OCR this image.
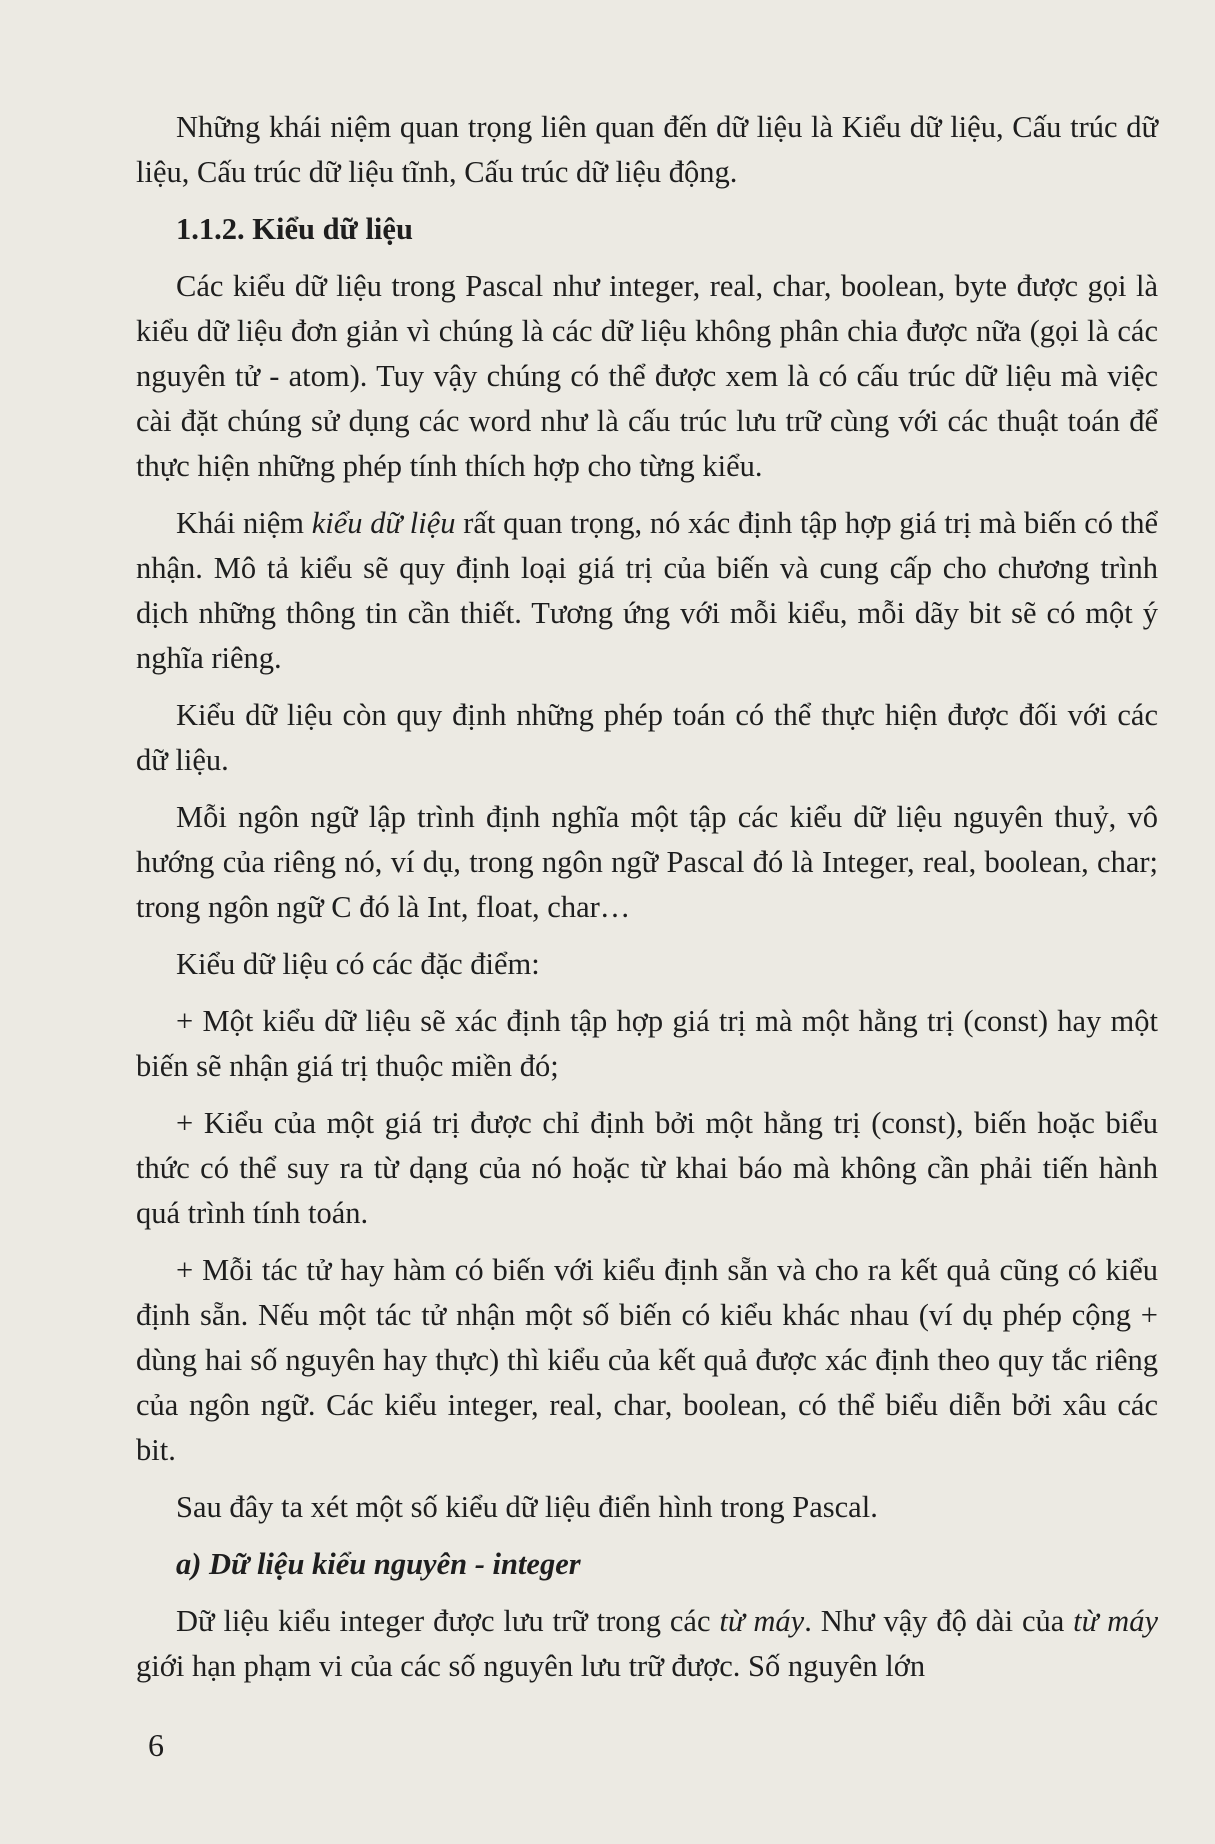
Những khái niệm quan trọng liên quan đến dữ liệu là Kiểu dữ liệu, Cấu trúc dữ liệu, Cấu trúc dữ liệu tĩnh, Cấu trúc dữ liệu động.

1.1.2. Kiểu dữ liệu

Các kiểu dữ liệu trong Pascal như integer, real, char, boolean, byte được gọi là kiểu dữ liệu đơn giản vì chúng là các dữ liệu không phân chia được nữa (gọi là các nguyên tử - atom). Tuy vậy chúng có thể được xem là có cấu trúc dữ liệu mà việc cài đặt chúng sử dụng các word như là cấu trúc lưu trữ cùng với các thuật toán để thực hiện những phép tính thích hợp cho từng kiểu.

Khái niệm kiểu dữ liệu rất quan trọng, nó xác định tập hợp giá trị mà biến có thể nhận. Mô tả kiểu sẽ quy định loại giá trị của biến và cung cấp cho chương trình dịch những thông tin cần thiết. Tương ứng với mỗi kiểu, mỗi dãy bit sẽ có một ý nghĩa riêng.

Kiểu dữ liệu còn quy định những phép toán có thể thực hiện được đối với các dữ liệu.

Mỗi ngôn ngữ lập trình định nghĩa một tập các kiểu dữ liệu nguyên thuỷ, vô hướng của riêng nó, ví dụ, trong ngôn ngữ Pascal đó là Integer, real, boolean, char; trong ngôn ngữ C đó là Int, float, char…

Kiểu dữ liệu có các đặc điểm:

+ Một kiểu dữ liệu sẽ xác định tập hợp giá trị mà một hằng trị (const) hay một biến sẽ nhận giá trị thuộc miền đó;

+ Kiểu của một giá trị được chỉ định bởi một hằng trị (const), biến hoặc biểu thức có thể suy ra từ dạng của nó hoặc từ khai báo mà không cần phải tiến hành quá trình tính toán.

+ Mỗi tác tử hay hàm có biến với kiểu định sẵn và cho ra kết quả cũng có kiểu định sẵn. Nếu một tác tử nhận một số biến có kiểu khác nhau (ví dụ phép cộng + dùng hai số nguyên hay thực) thì kiểu của kết quả được xác định theo quy tắc riêng của ngôn ngữ. Các kiểu integer, real, char, boolean, có thể biểu diễn bởi xâu các bit.

Sau đây ta xét một số kiểu dữ liệu điển hình trong Pascal.

a) Dữ liệu kiểu nguyên - integer

Dữ liệu kiểu integer được lưu trữ trong các từ máy. Như vậy độ dài của từ máy giới hạn phạm vi của các số nguyên lưu trữ được. Số nguyên lớn

6
